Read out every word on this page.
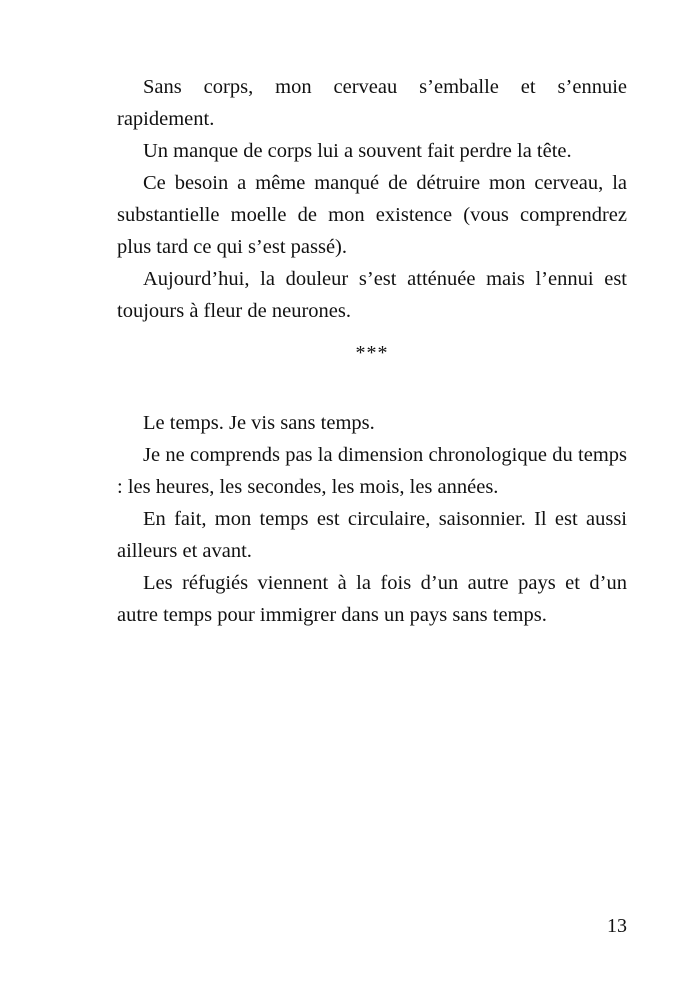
Sans corps, mon cerveau s’emballe et s’ennuie rapidement.

Un manque de corps lui a souvent fait perdre la tête.

Ce besoin a même manqué de détruire mon cerveau, la substantielle moelle de mon existence (vous comprendrez plus tard ce qui s’est passé).

Aujourd’hui, la douleur s’est atténuée mais l’ennui est toujours à fleur de neurones.

***

Le temps. Je vis sans temps.

Je ne comprends pas la dimension chronologique du temps : les heures, les secondes, les mois, les années.

En fait, mon temps est circulaire, saisonnier. Il est aussi ailleurs et avant.

Les réfugiés viennent à la fois d’un autre pays et d’un autre temps pour immigrer dans un pays sans temps.

13
